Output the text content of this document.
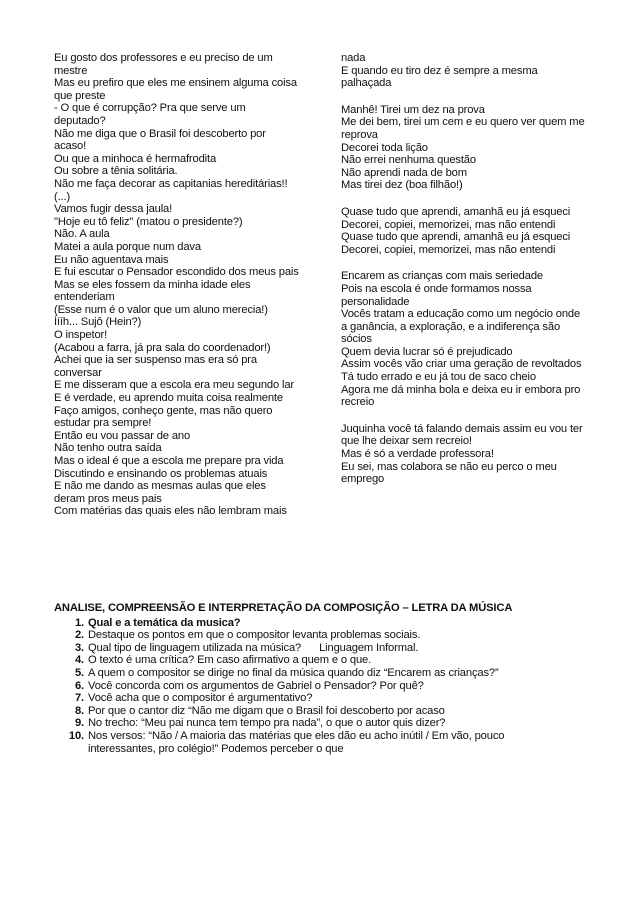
Eu gosto dos professores e eu preciso de um
mestre
Mas eu prefiro que eles me ensinem alguma coisa
que preste
- O que é corrupção? Pra que serve um
deputado?
Não me diga que o Brasil foi descoberto por
acaso!
Ou que a minhoca é hermafrodita
Ou sobre a tênia solitária.
Não me faça decorar as capitanias hereditárias!!
(...)
Vamos fugir dessa jaula!
"Hoje eu tô feliz" (matou o presidente?)
Não. A aula
Matei a aula porque num dava
Eu não aguentava mais
E fui escutar o Pensador escondido dos meus pais
Mas se eles fossem da minha idade eles
entenderiam
(Esse num é o valor que um aluno merecia!)
Íííh... Sujô (Hein?)
O inspetor!
(Acabou a farra, já pra sala do coordenador!)
Achei que ia ser suspenso mas era só pra
conversar
E me disseram que a escola era meu segundo lar
E é verdade, eu aprendo muita coisa realmente
Faço amigos, conheço gente, mas não quero
estudar pra sempre!
Então eu vou passar de ano
Não tenho outra saída
Mas o ideal é que a escola me prepare pra vida
Discutindo e ensinando os problemas atuais
E não me dando as mesmas aulas que eles
deram pros meus pais
Com matérias das quais eles não lembram mais
nada
E quando eu tiro dez é sempre a mesma
palhaçada
Manhê! Tirei um dez na prova
Me dei bem, tirei um cem e eu quero ver quem me
reprova
Decorei toda lição
Não errei nenhuma questão
Não aprendi nada de bom
Mas tirei dez (boa filhão!)
Quase tudo que aprendi, amanhã eu já esqueci
Decorei, copiei, memorizei, mas não entendi
Quase tudo que aprendi, amanhã eu já esqueci
Decorei, copiei, memorizei, mas não entendi
Encarem as crianças com mais seriedade
Pois na escola é onde formamos nossa
personalidade
Vocês tratam a educação como um negócio onde
a ganância, a exploração, e a indiferença são
sócios
Quem devia lucrar só é prejudicado
Assim vocês vão criar uma geração de revoltados
Tá tudo errado e eu já tou de saco cheio
Agora me dá minha bola e deixa eu ir embora pro
recreio
Juquinha você tá falando demais assim eu vou ter
que lhe deixar sem recreio!
Mas é só a verdade professora!
Eu sei, mas colabora se não eu perco o meu
emprego
ANALISE, COMPREENSÃO E INTERPRETAÇÃO DA COMPOSIÇÃO – LETRA DA MÚSICA
1. Qual e a temática da musica?
2. Destaque os pontos em que o compositor levanta problemas sociais.
3. Qual tipo de linguagem utilizada na música? Linguagem Informal.
4. O texto é uma crítica? Em caso afirmativo a quem e o que.
5. A quem o compositor se dirige no final da música quando diz “Encarem as crianças?”
6. Você concorda com os argumentos de Gabriel o Pensador? Por quê?
7. Você acha que o compositor é argumentativo?
8. Por que o cantor diz “Não me digam que o Brasil foi descoberto por acaso
9. No trecho: “Meu pai nunca tem tempo pra nada”, o que o autor quis dizer?
10. Nos versos: “Não / A maioria das matérias que eles dão eu acho inútil / Em vão, pouco
interessantes, pro colégio!” Podemos perceber o que
